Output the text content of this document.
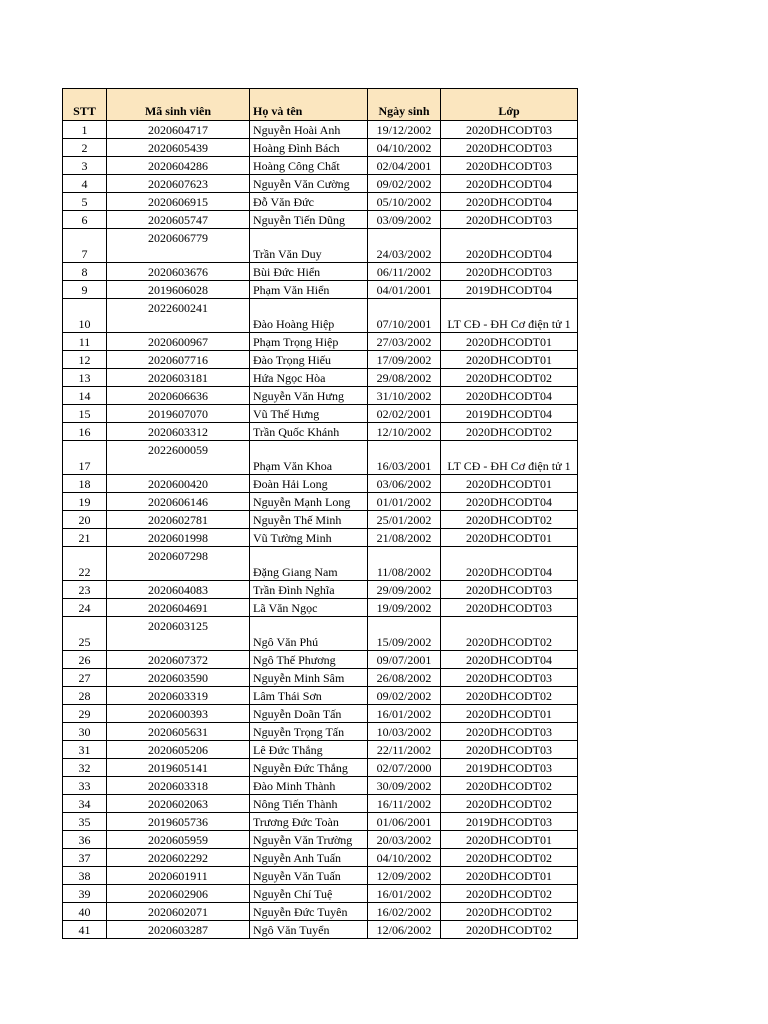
STT	Mã sinh viên	Họ và tên	Ngày sinh	Lớp
1	2020604717	Nguyễn Hoài Anh	19/12/2002	2020DHCODT03
2	2020605439	Hoàng Đình Bách	04/10/2002	2020DHCODT03
3	2020604286	Hoàng Công Chất	02/04/2001	2020DHCODT03
4	2020607623	Nguyễn Văn Cường	09/02/2002	2020DHCODT04
5	2020606915	Đỗ Văn Đức	05/10/2002	2020DHCODT04
6	2020605747	Nguyễn Tiến Dũng	03/09/2002	2020DHCODT03
7	2020606779	Trần Văn Duy	24/03/2002	2020DHCODT04
8	2020603676	Bùi Đức Hiển	06/11/2002	2020DHCODT03
9	2019606028	Phạm Văn Hiển	04/01/2001	2019DHCODT04
10	2022600241	Đào Hoàng Hiệp	07/10/2001	LT CĐ - ĐH Cơ điện tử 1
11	2020600967	Phạm Trọng Hiệp	27/03/2002	2020DHCODT01
12	2020607716	Đào Trọng Hiếu	17/09/2002	2020DHCODT01
13	2020603181	Hứa Ngọc Hòa	29/08/2002	2020DHCODT02
14	2020606636	Nguyễn Văn Hưng	31/10/2002	2020DHCODT04
15	2019607070	Vũ Thế Hưng	02/02/2001	2019DHCODT04
16	2020603312	Trần Quốc Khánh	12/10/2002	2020DHCODT02
17	2022600059	Phạm Văn Khoa	16/03/2001	LT CĐ - ĐH Cơ điện tử 1
18	2020600420	Đoàn Hải Long	03/06/2002	2020DHCODT01
19	2020606146	Nguyễn Mạnh Long	01/01/2002	2020DHCODT04
20	2020602781	Nguyễn Thế Minh	25/01/2002	2020DHCODT02
21	2020601998	Vũ Tường Minh	21/08/2002	2020DHCODT01
22	2020607298	Đặng Giang Nam	11/08/2002	2020DHCODT04
23	2020604083	Trần Đình Nghĩa	29/09/2002	2020DHCODT03
24	2020604691	Lã Văn Ngọc	19/09/2002	2020DHCODT03
25	2020603125	Ngô Văn Phú	15/09/2002	2020DHCODT02
26	2020607372	Ngô Thế Phương	09/07/2001	2020DHCODT04
27	2020603590	Nguyễn Minh Sâm	26/08/2002	2020DHCODT03
28	2020603319	Lâm Thái Sơn	09/02/2002	2020DHCODT02
29	2020600393	Nguyễn Doãn Tấn	16/01/2002	2020DHCODT01
30	2020605631	Nguyễn Trọng Tấn	10/03/2002	2020DHCODT03
31	2020605206	Lê Đức Thắng	22/11/2002	2020DHCODT03
32	2019605141	Nguyễn Đức Thắng	02/07/2000	2019DHCODT03
33	2020603318	Đào Minh Thành	30/09/2002	2020DHCODT02
34	2020602063	Nông Tiến Thành	16/11/2002	2020DHCODT02
35	2019605736	Trương Đức Toàn	01/06/2001	2019DHCODT03
36	2020605959	Nguyễn Văn Trường	20/03/2002	2020DHCODT01
37	2020602292	Nguyễn Anh Tuấn	04/10/2002	2020DHCODT02
38	2020601911	Nguyễn Văn Tuấn	12/09/2002	2020DHCODT01
39	2020602906	Nguyễn Chí Tuệ	16/01/2002	2020DHCODT02
40	2020602071	Nguyễn Đức Tuyên	16/02/2002	2020DHCODT02
41	2020603287	Ngô Văn Tuyển	12/06/2002	2020DHCODT02
